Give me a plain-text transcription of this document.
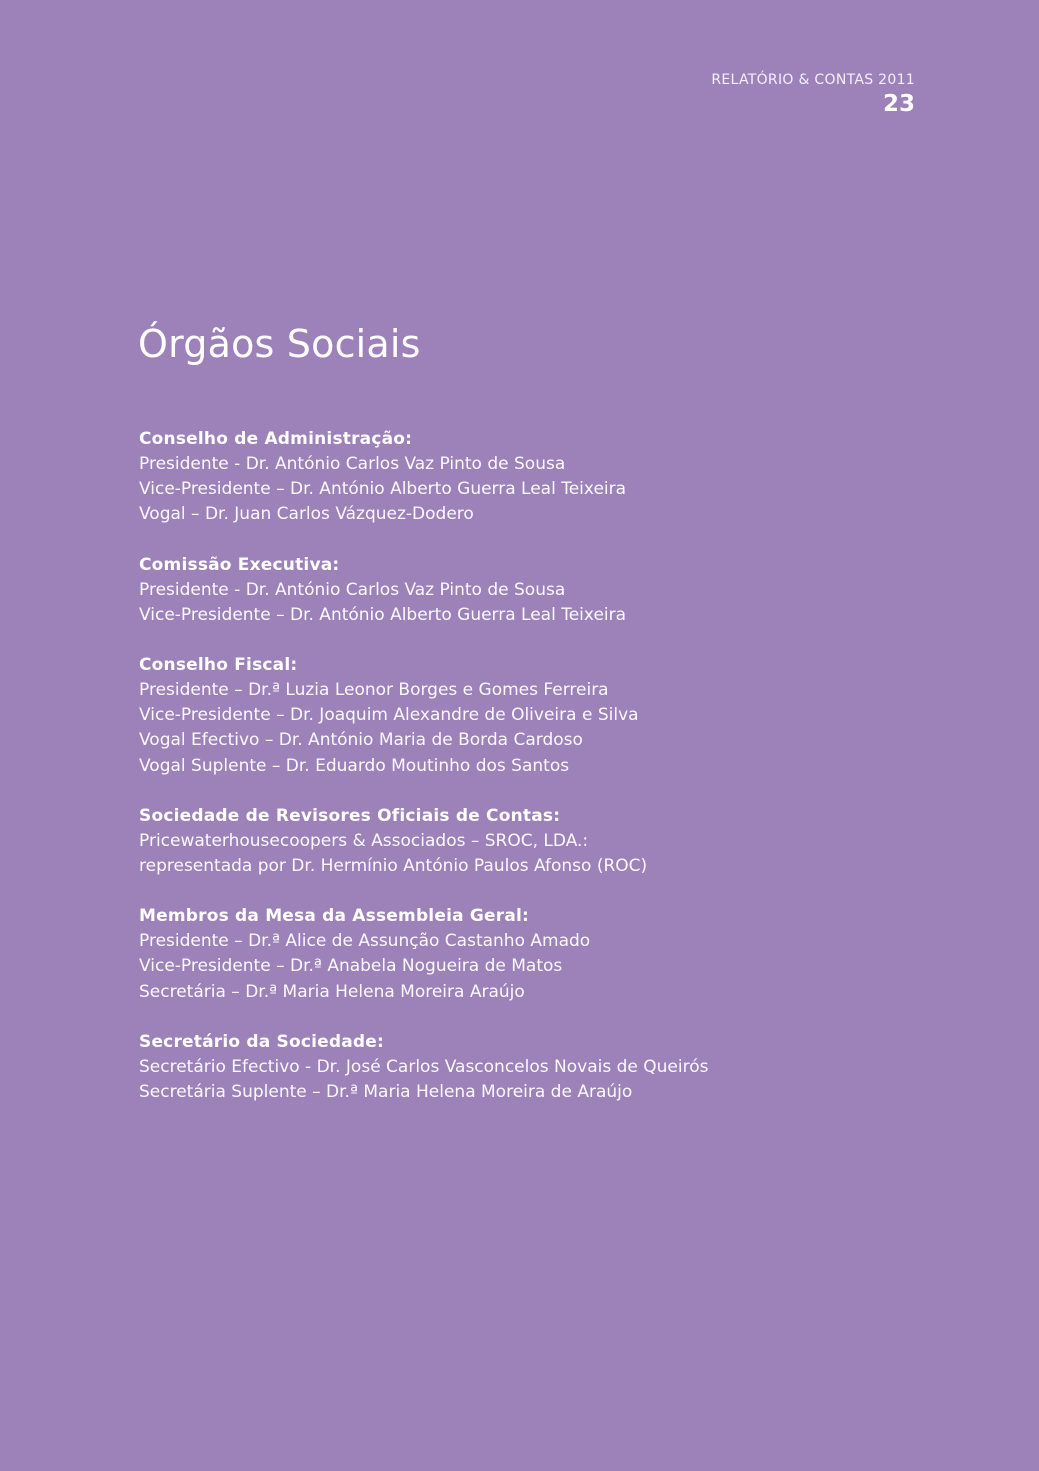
RELATÓRIO & CONTAS 2011
23
Órgãos Sociais
Conselho de Administração:
Presidente - Dr. António Carlos Vaz Pinto de Sousa
Vice-Presidente – Dr. António Alberto Guerra Leal Teixeira
Vogal – Dr. Juan Carlos Vázquez-Dodero
Comissão Executiva:
Presidente - Dr. António Carlos Vaz Pinto de Sousa
Vice-Presidente – Dr. António Alberto Guerra Leal Teixeira
Conselho Fiscal:
Presidente – Dr.ª Luzia Leonor Borges e Gomes Ferreira
Vice-Presidente – Dr. Joaquim Alexandre de Oliveira e Silva
Vogal Efectivo – Dr. António Maria de Borda Cardoso
Vogal Suplente – Dr. Eduardo Moutinho dos Santos
Sociedade de Revisores Oficiais de Contas:
Pricewaterhousecoopers & Associados – SROC, LDA.:
representada por Dr. Hermínio António Paulos Afonso (ROC)
Membros da Mesa da Assembleia Geral:
Presidente – Dr.ª Alice de Assunção Castanho Amado
Vice-Presidente – Dr.ª Anabela Nogueira de Matos
Secretária – Dr.ª Maria Helena Moreira Araújo
Secretário da Sociedade:
Secretário Efectivo - Dr. José Carlos Vasconcelos Novais de Queirós
Secretária Suplente – Dr.ª Maria Helena Moreira de Araújo
